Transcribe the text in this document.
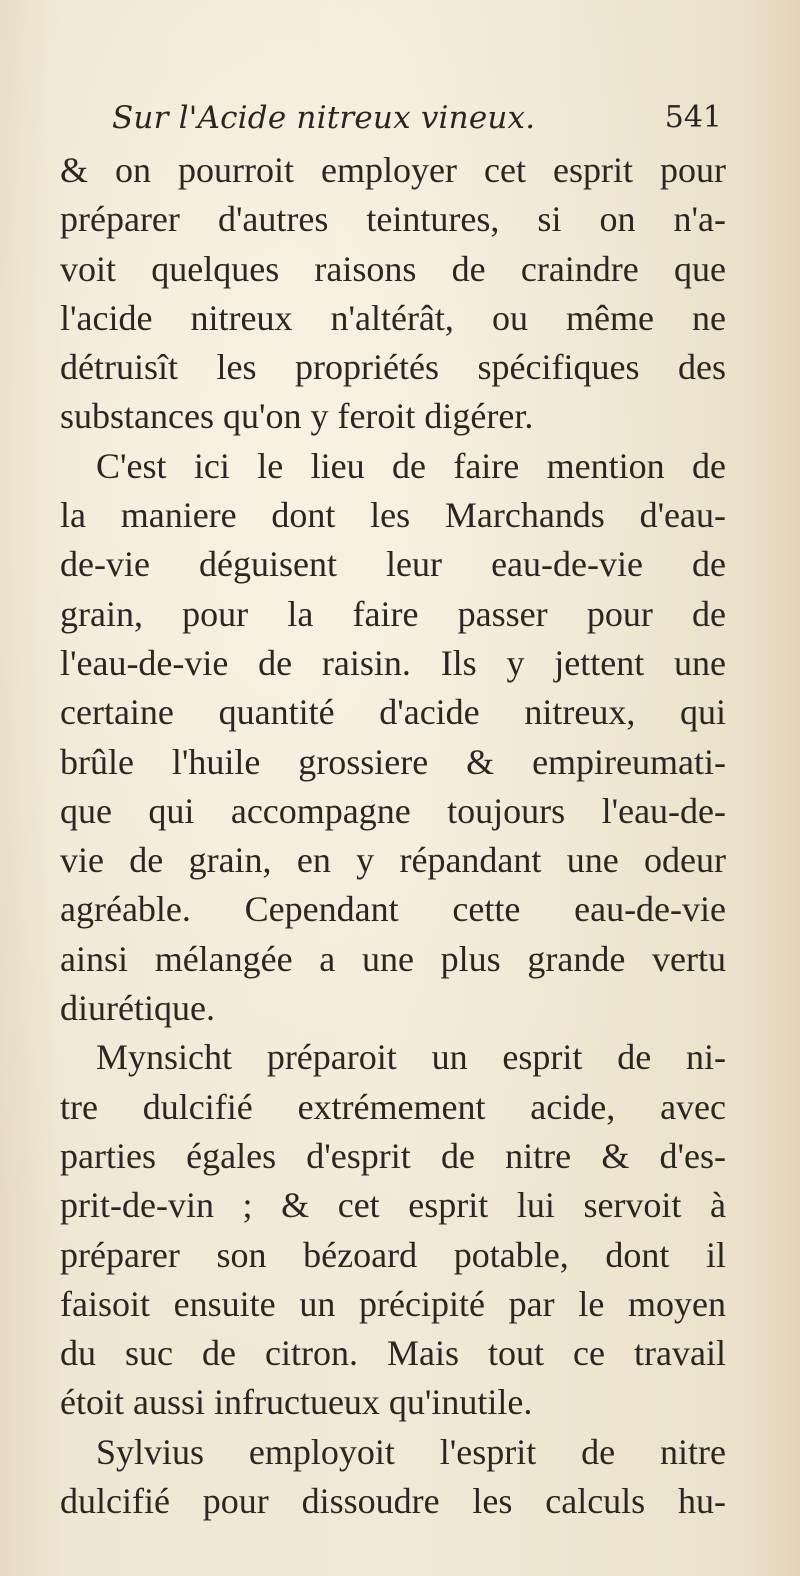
Sur l'Acide nitreux vineux.	541
& on pourroit employer cet esprit pour
préparer d'autres teintures, si on n'a-
voit quelques raisons de craindre que
l'acide nitreux n'altérât, ou même ne
détruisît les propriétés spécifiques des
substances qu'on y feroit digérer.
C'est ici le lieu de faire mention de
la maniere dont les Marchands d'eau-
de-vie déguisent leur eau-de-vie de
grain, pour la faire passer pour de
l'eau-de-vie de raisin. Ils y jettent une
certaine quantité d'acide nitreux, qui
brûle l'huile grossiere & empireumati-
que qui accompagne toujours l'eau-de-
vie de grain, en y répandant une odeur
agréable. Cependant cette eau-de-vie
ainsi mélangée a une plus grande vertu
diurétique.
Mynsicht préparoit un esprit de ni-
tre dulcifié extrémement acide, avec
parties égales d'esprit de nitre & d'es-
prit-de-vin ; & cet esprit lui servoit à
préparer son bézoard potable, dont il
faisoit ensuite un précipité par le moyen
du suc de citron. Mais tout ce travail
étoit aussi infructueux qu'inutile.
Sylvius employoit l'esprit de nitre
dulcifié pour dissoudre les calculs hu-
